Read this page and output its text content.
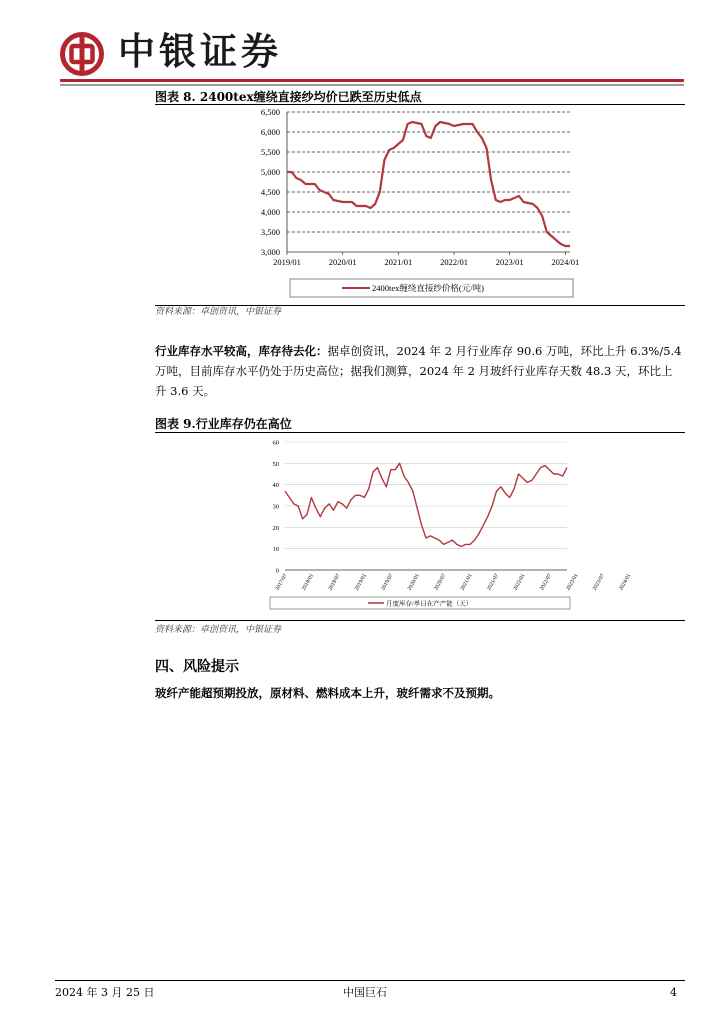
中银证券
图表 8. 2400tex缠绕直接纱均价已跌至历史低点
3,000
3,500
4,000
4,500
5,000
5,500
6,000
6,500
2019/01	2020/01	2021/01	2022/01	2023/01	2024/01
2400tex缠绕直接纱价格(元/吨)
资料来源：卓创资讯，中银证券
行业库存水平较高，库存待去化：据卓创资讯，2024 年 2 月行业库存 90.6 万吨，环比上升 6.3%/5.4
万吨，目前库存水平仍处于历史高位；据我们测算，2024 年 2 月玻纤行业库存天数 48.3 天，环比上
升 3.6 天。
图表 9.行业库存仍在高位
0
10
20
30
40
50
60
2017/07 2018/01 2018/07 2019/01 2019/07 2020/01 2020/07 2021/01 2021/07 2022/01 2022/07 2023/01 2023/07 2024/01
月度库存/单日在产产能（天）
资料来源：卓创资讯，中银证券
四、风险提示
玻纤产能超预期投放，原材料、燃料成本上升，玻纤需求不及预期。
2024 年 3 月 25 日	中国巨石	4
